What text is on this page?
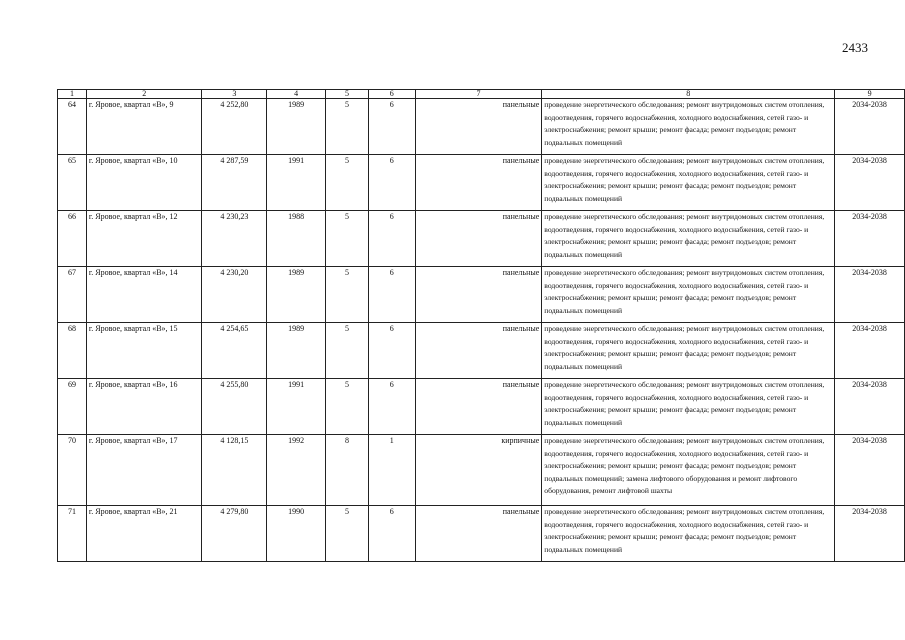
2433
1	2	3	4	5	6	7	8	9
64	г. Яровое, квартал «В», 9	4 252,80	1989	5	6	панельные	проведение энергетического обследования; ремонт внутридомовых систем отопления, водоотведения, горячего водоснабжения, холодного водоснабжения, сетей газо- и электроснабжения; ремонт крыши; ремонт фасада; ремонт подъездов; ремонт подвальных помещений	2034-2038
65	г. Яровое, квартал «В», 10	4 287,59	1991	5	6	панельные	проведение энергетического обследования; ремонт внутридомовых систем отопления, водоотведения, горячего водоснабжения, холодного водоснабжения, сетей газо- и электроснабжения; ремонт крыши; ремонт фасада; ремонт подъездов; ремонт подвальных помещений	2034-2038
66	г. Яровое, квартал «В», 12	4 230,23	1988	5	6	панельные	проведение энергетического обследования; ремонт внутридомовых систем отопления, водоотведения, горячего водоснабжения, холодного водоснабжения, сетей газо- и электроснабжения; ремонт крыши; ремонт фасада; ремонт подъездов; ремонт подвальных помещений	2034-2038
67	г. Яровое, квартал «В», 14	4 230,20	1989	5	6	панельные	проведение энергетического обследования; ремонт внутридомовых систем отопления, водоотведения, горячего водоснабжения, холодного водоснабжения, сетей газо- и электроснабжения; ремонт крыши; ремонт фасада; ремонт подъездов; ремонт подвальных помещений	2034-2038
68	г. Яровое, квартал «В», 15	4 254,65	1989	5	6	панельные	проведение энергетического обследования; ремонт внутридомовых систем отопления, водоотведения, горячего водоснабжения, холодного водоснабжения, сетей газо- и электроснабжения; ремонт крыши; ремонт фасада; ремонт подъездов; ремонт подвальных помещений	2034-2038
69	г. Яровое, квартал «В», 16	4 255,80	1991	5	6	панельные	проведение энергетического обследования; ремонт внутридомовых систем отопления, водоотведения, горячего водоснабжения, холодного водоснабжения, сетей газо- и электроснабжения; ремонт крыши; ремонт фасада; ремонт подъездов; ремонт подвальных помещений	2034-2038
70	г. Яровое, квартал «В», 17	4 128,15	1992	8	1	кирпичные	проведение энергетического обследования; ремонт внутридомовых систем отопления, водоотведения, горячего водоснабжения, холодного водоснабжения, сетей газо- и электроснабжения; ремонт крыши; ремонт фасада; ремонт подъездов; ремонт подвальных помещений; замена лифтового оборудования и ремонт лифтового оборудования, ремонт лифтовой шахты	2034-2038
71	г. Яровое, квартал «В», 21	4 279,80	1990	5	6	панельные	проведение энергетического обследования; ремонт внутридомовых систем отопления, водоотведения, горячего водоснабжения, холодного водоснабжения, сетей газо- и электроснабжения; ремонт крыши; ремонт фасада; ремонт подъездов; ремонт подвальных помещений	2034-2038
